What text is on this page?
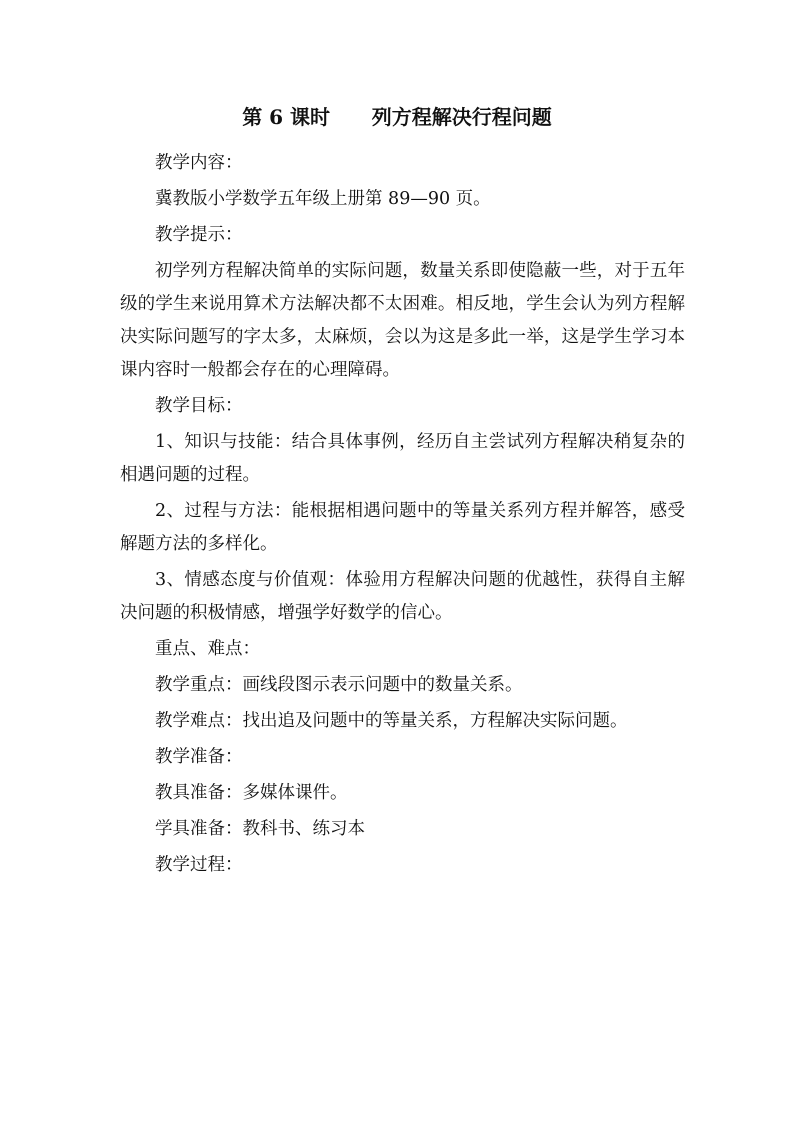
第 6 课时      列方程解决行程问题

教学内容：

冀教版小学数学五年级上册第 89—90 页。

教学提示：

初学列方程解决简单的实际问题，数量关系即使隐蔽一些，对于五年级的学生来说用算术方法解决都不太困难。相反地，学生会认为列方程解决实际问题写的字太多，太麻烦，会以为这是多此一举，这是学生学习本课内容时一般都会存在的心理障碍。

教学目标：

1、知识与技能：结合具体事例，经历自主尝试列方程解决稍复杂的相遇问题的过程。

2、过程与方法：能根据相遇问题中的等量关系列方程并解答，感受解题方法的多样化。

3、情感态度与价值观：体验用方程解决问题的优越性，获得自主解决问题的积极情感，增强学好数学的信心。

重点、难点：

教学重点：画线段图示表示问题中的数量关系。

教学难点：找出追及问题中的等量关系，方程解决实际问题。

教学准备：

教具准备：多媒体课件。

学具准备：教科书、练习本

教学过程：
